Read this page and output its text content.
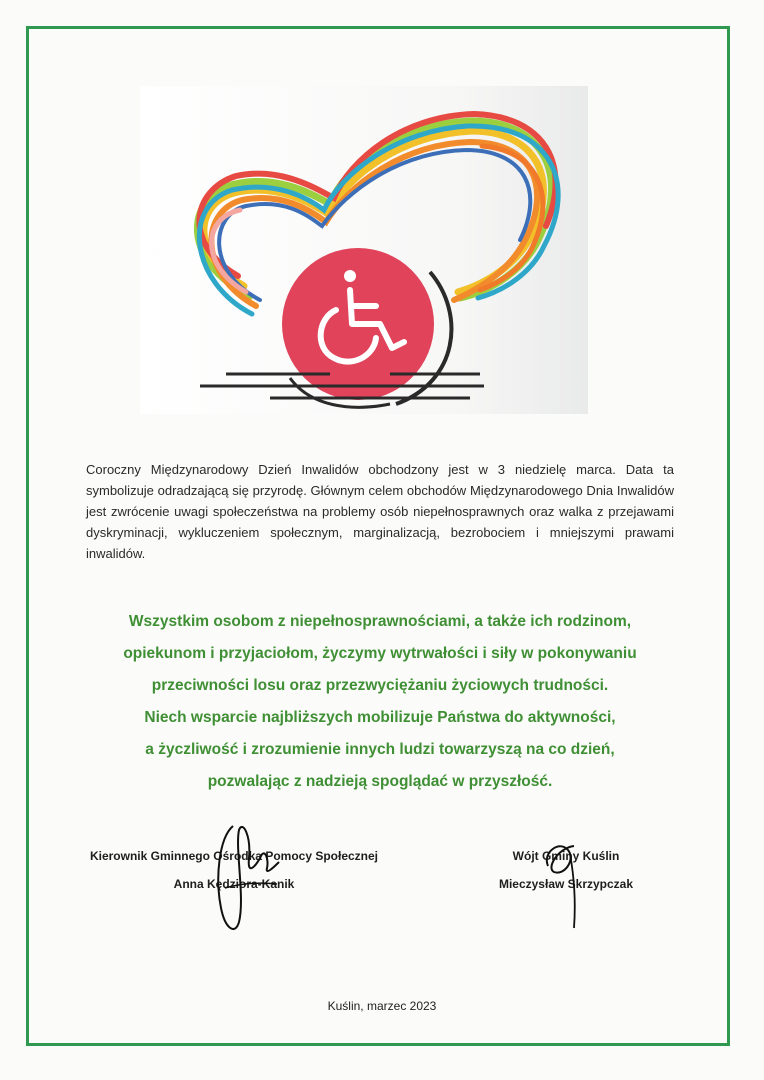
Coroczny Międzynarodowy Dzień Inwalidów obchodzony jest w 3 niedzielę marca. Data ta symbolizuje odradzającą się przyrodę. Głównym celem obchodów Międzynarodowego Dnia Inwalidów jest zwrócenie uwagi społeczeństwa na problemy osób niepełnosprawnych oraz walka z przejawami dyskryminacji, wykluczeniem społecznym, marginalizacją, bezrobociem i mniejszymi prawami inwalidów.
Wszystkim osobom z niepełnosprawnościami, a także ich rodzinom,
opiekunom i przyjaciołom, życzymy wytrwałości i siły w pokonywaniu
przeciwności losu oraz przezwyciężaniu życiowych trudności.
Niech wsparcie najbliższych mobilizuje Państwa do aktywności,
a życzliwość i zrozumienie innych ludzi towarzyszą na co dzień,
pozwalając z nadzieją spoglądać w przyszłość.
Kierownik Gminnego Ośrodka Pomocy Społecznej
Anna Kędziora-Kanik
Wójt Gminy Kuślin
Mieczysław Skrzypczak
Kuślin, marzec 2023
